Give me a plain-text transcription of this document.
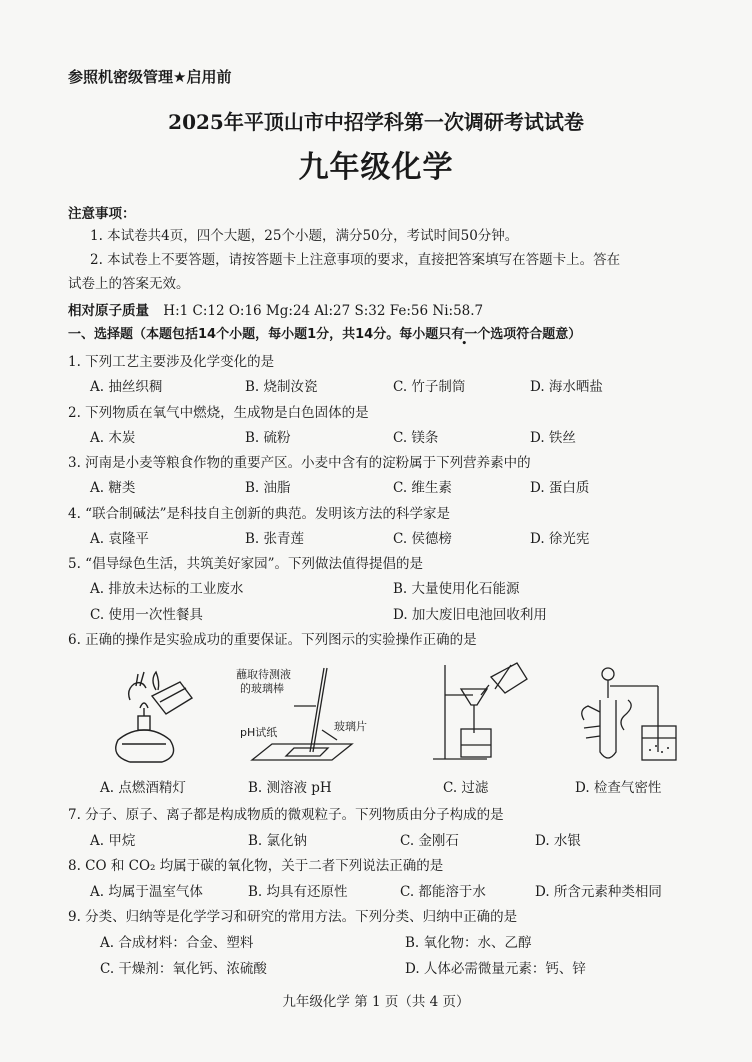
参照机密级管理★启用前
2025年平顶山市中招学科第一次调研考试试卷
九年级化学
注意事项：
1. 本试卷共4页，四个大题，25个小题，满分50分，考试时间50分钟。
2. 本试卷上不要答题，请按答题卡上注意事项的要求，直接把答案填写在答题卡上。答在
试卷上的答案无效。
相对原子质量 H:1 C:12 O:16 Mg:24 Al:27 S:32 Fe:56 Ni:58.7
一、选择题（本题包括14个小题，每小题1分，共14分。每小题只有一个选项符合题意）
1. 下列工艺主要涉及化学变化的是
A. 抽丝织稠	B. 烧制汝瓷	C. 竹子制筒	D. 海水晒盐
2. 下列物质在氧气中燃烧，生成物是白色固体的是
A. 木炭	B. 硫粉	C. 镁条	D. 铁丝
3. 河南是小麦等粮食作物的重要产区。小麦中含有的淀粉属于下列营养素中的
A. 糖类	B. 油脂	C. 维生素	D. 蛋白质
4. “联合制碱法”是科技自主创新的典范。发明该方法的科学家是
A. 袁隆平	B. 张青莲	C. 侯德榜	D. 徐光宪
5. “倡导绿色生活，共筑美好家园”。下列做法值得提倡的是
A. 排放未达标的工业废水	B. 大量使用化石能源
C. 使用一次性餐具	D. 加大废旧电池回收利用
6. 正确的操作是实验成功的重要保证。下列图示的实验操作正确的是
蘸取待测液
的玻璃棒
pH试纸	玻璃片
A. 点燃酒精灯	B. 测溶液 pH	C. 过滤	D. 检查气密性
7. 分子、原子、离子都是构成物质的微观粒子。下列物质由分子构成的是
A. 甲烷	B. 氯化钠	C. 金刚石	D. 水银
8. CO 和 CO₂ 均属于碳的氧化物，关于二者下列说法正确的是
A. 均属于温室气体	B. 均具有还原性	C. 都能溶于水	D. 所含元素种类相同
9. 分类、归纳等是化学学习和研究的常用方法。下列分类、归纳中正确的是
A. 合成材料：合金、塑料	B. 氧化物：水、乙醇
C. 干燥剂：氧化钙、浓硫酸	D. 人体必需微量元素：钙、锌
九年级化学 第 1 页（共 4 页）
